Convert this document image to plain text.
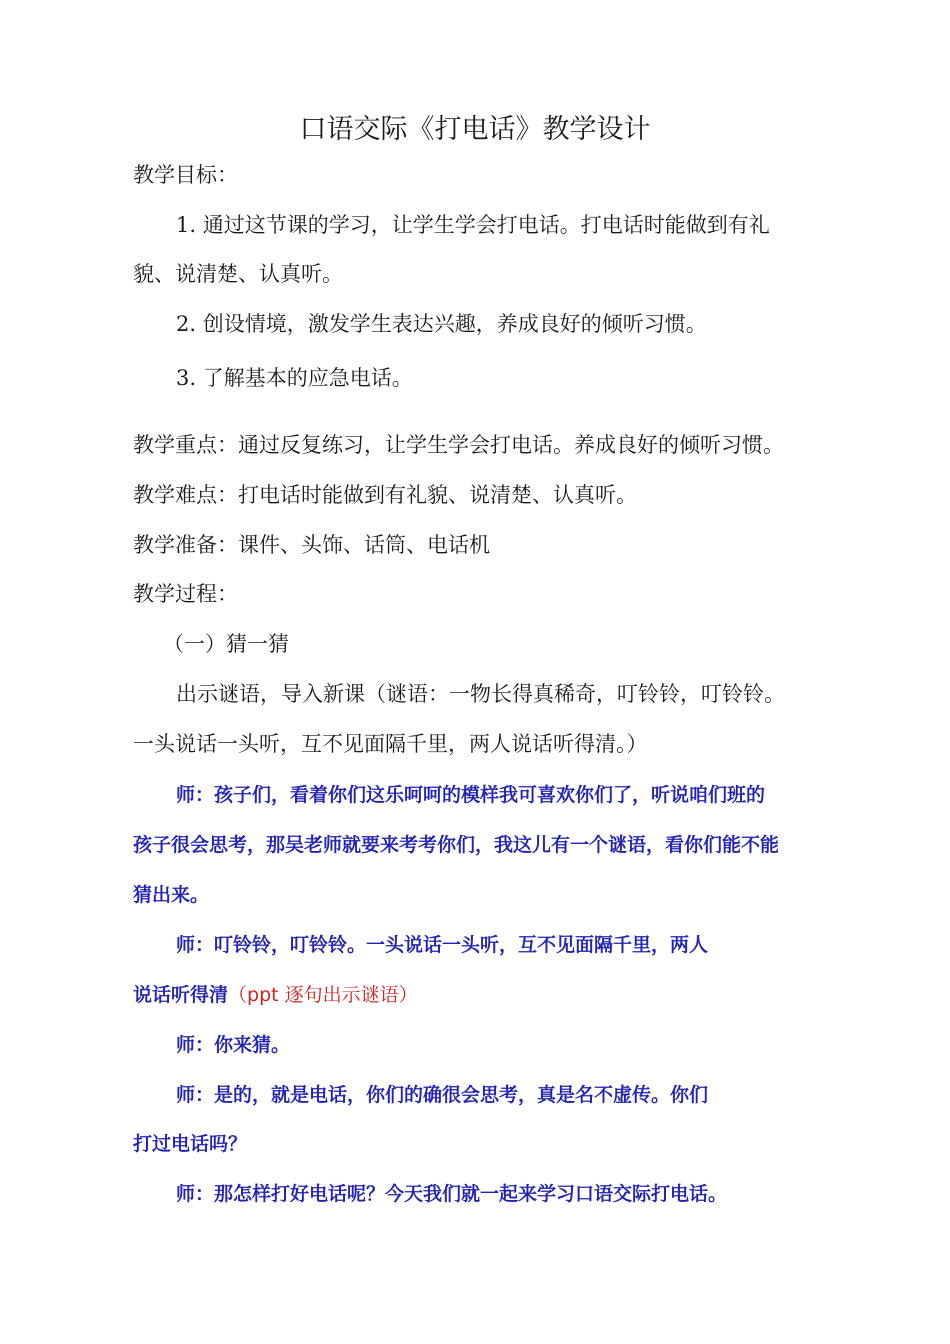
口语交际《打电话》教学设计
教学目标：
1. 通过这节课的学习，让学生学会打电话。打电话时能做到有礼
貌、说清楚、认真听。
2. 创设情境，激发学生表达兴趣，养成良好的倾听习惯。
3. 了解基本的应急电话。
教学重点：通过反复练习，让学生学会打电话。养成良好的倾听习惯。
教学难点：打电话时能做到有礼貌、说清楚、认真听。
教学准备：课件、头饰、话筒、电话机
教学过程：
（一）猜一猜
出示谜语，导入新课（谜语：一物长得真稀奇，叮铃铃，叮铃铃。
一头说话一头听，互不见面隔千里，两人说话听得清。）
师：孩子们，看着你们这乐呵呵的模样我可喜欢你们了，听说咱们班的
孩子很会思考，那吴老师就要来考考你们，我这儿有一个谜语，看你们能不能
猜出来。
师：叮铃铃，叮铃铃。一头说话一头听，互不见面隔千里，两人
说话听得清（ppt 逐句出示谜语）
师：你来猜。
师：是的，就是电话，你们的确很会思考，真是名不虚传。你们
打过电话吗？
师：那怎样打好电话呢？今天我们就一起来学习口语交际打电话。
